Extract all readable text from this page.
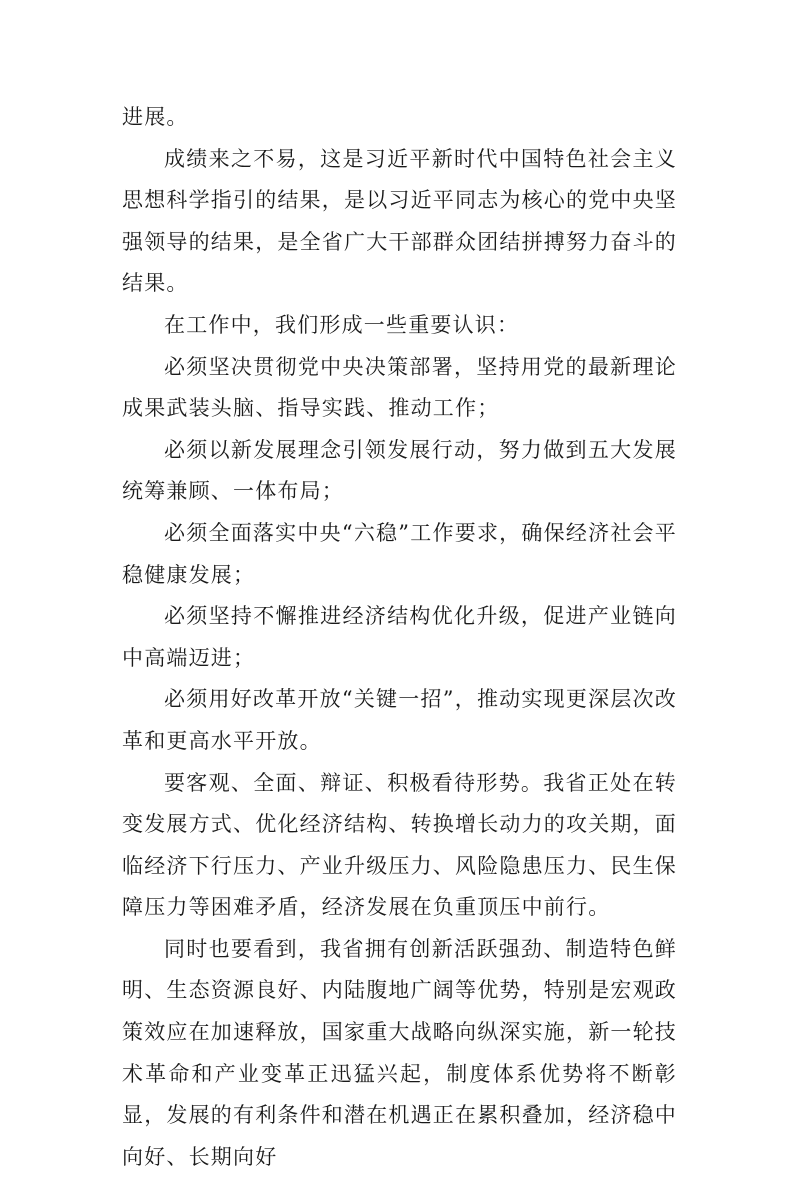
进展。

成绩来之不易，这是习近平新时代中国特色社会主义思想科学指引的结果，是以习近平同志为核心的党中央坚强领导的结果，是全省广大干部群众团结拼搏努力奋斗的结果。

在工作中，我们形成一些重要认识：

必须坚决贯彻党中央决策部署，坚持用党的最新理论成果武装头脑、指导实践、推动工作；

必须以新发展理念引领发展行动，努力做到五大发展统筹兼顾、一体布局；

必须全面落实中央“六稳”工作要求，确保经济社会平稳健康发展；

必须坚持不懈推进经济结构优化升级，促进产业链向中高端迈进；

必须用好改革开放“关键一招”，推动实现更深层次改革和更高水平开放。

要客观、全面、辩证、积极看待形势。我省正处在转变发展方式、优化经济结构、转换增长动力的攻关期，面临经济下行压力、产业升级压力、风险隐患压力、民生保障压力等困难矛盾，经济发展在负重顶压中前行。

同时也要看到，我省拥有创新活跃强劲、制造特色鲜明、生态资源良好、内陆腹地广阔等优势，特别是宏观政策效应在加速释放，国家重大战略向纵深实施，新一轮技术革命和产业变革正迅猛兴起，制度体系优势将不断彰显，发展的有利条件和潜在机遇正在累积叠加，经济稳中向好、长期向好
